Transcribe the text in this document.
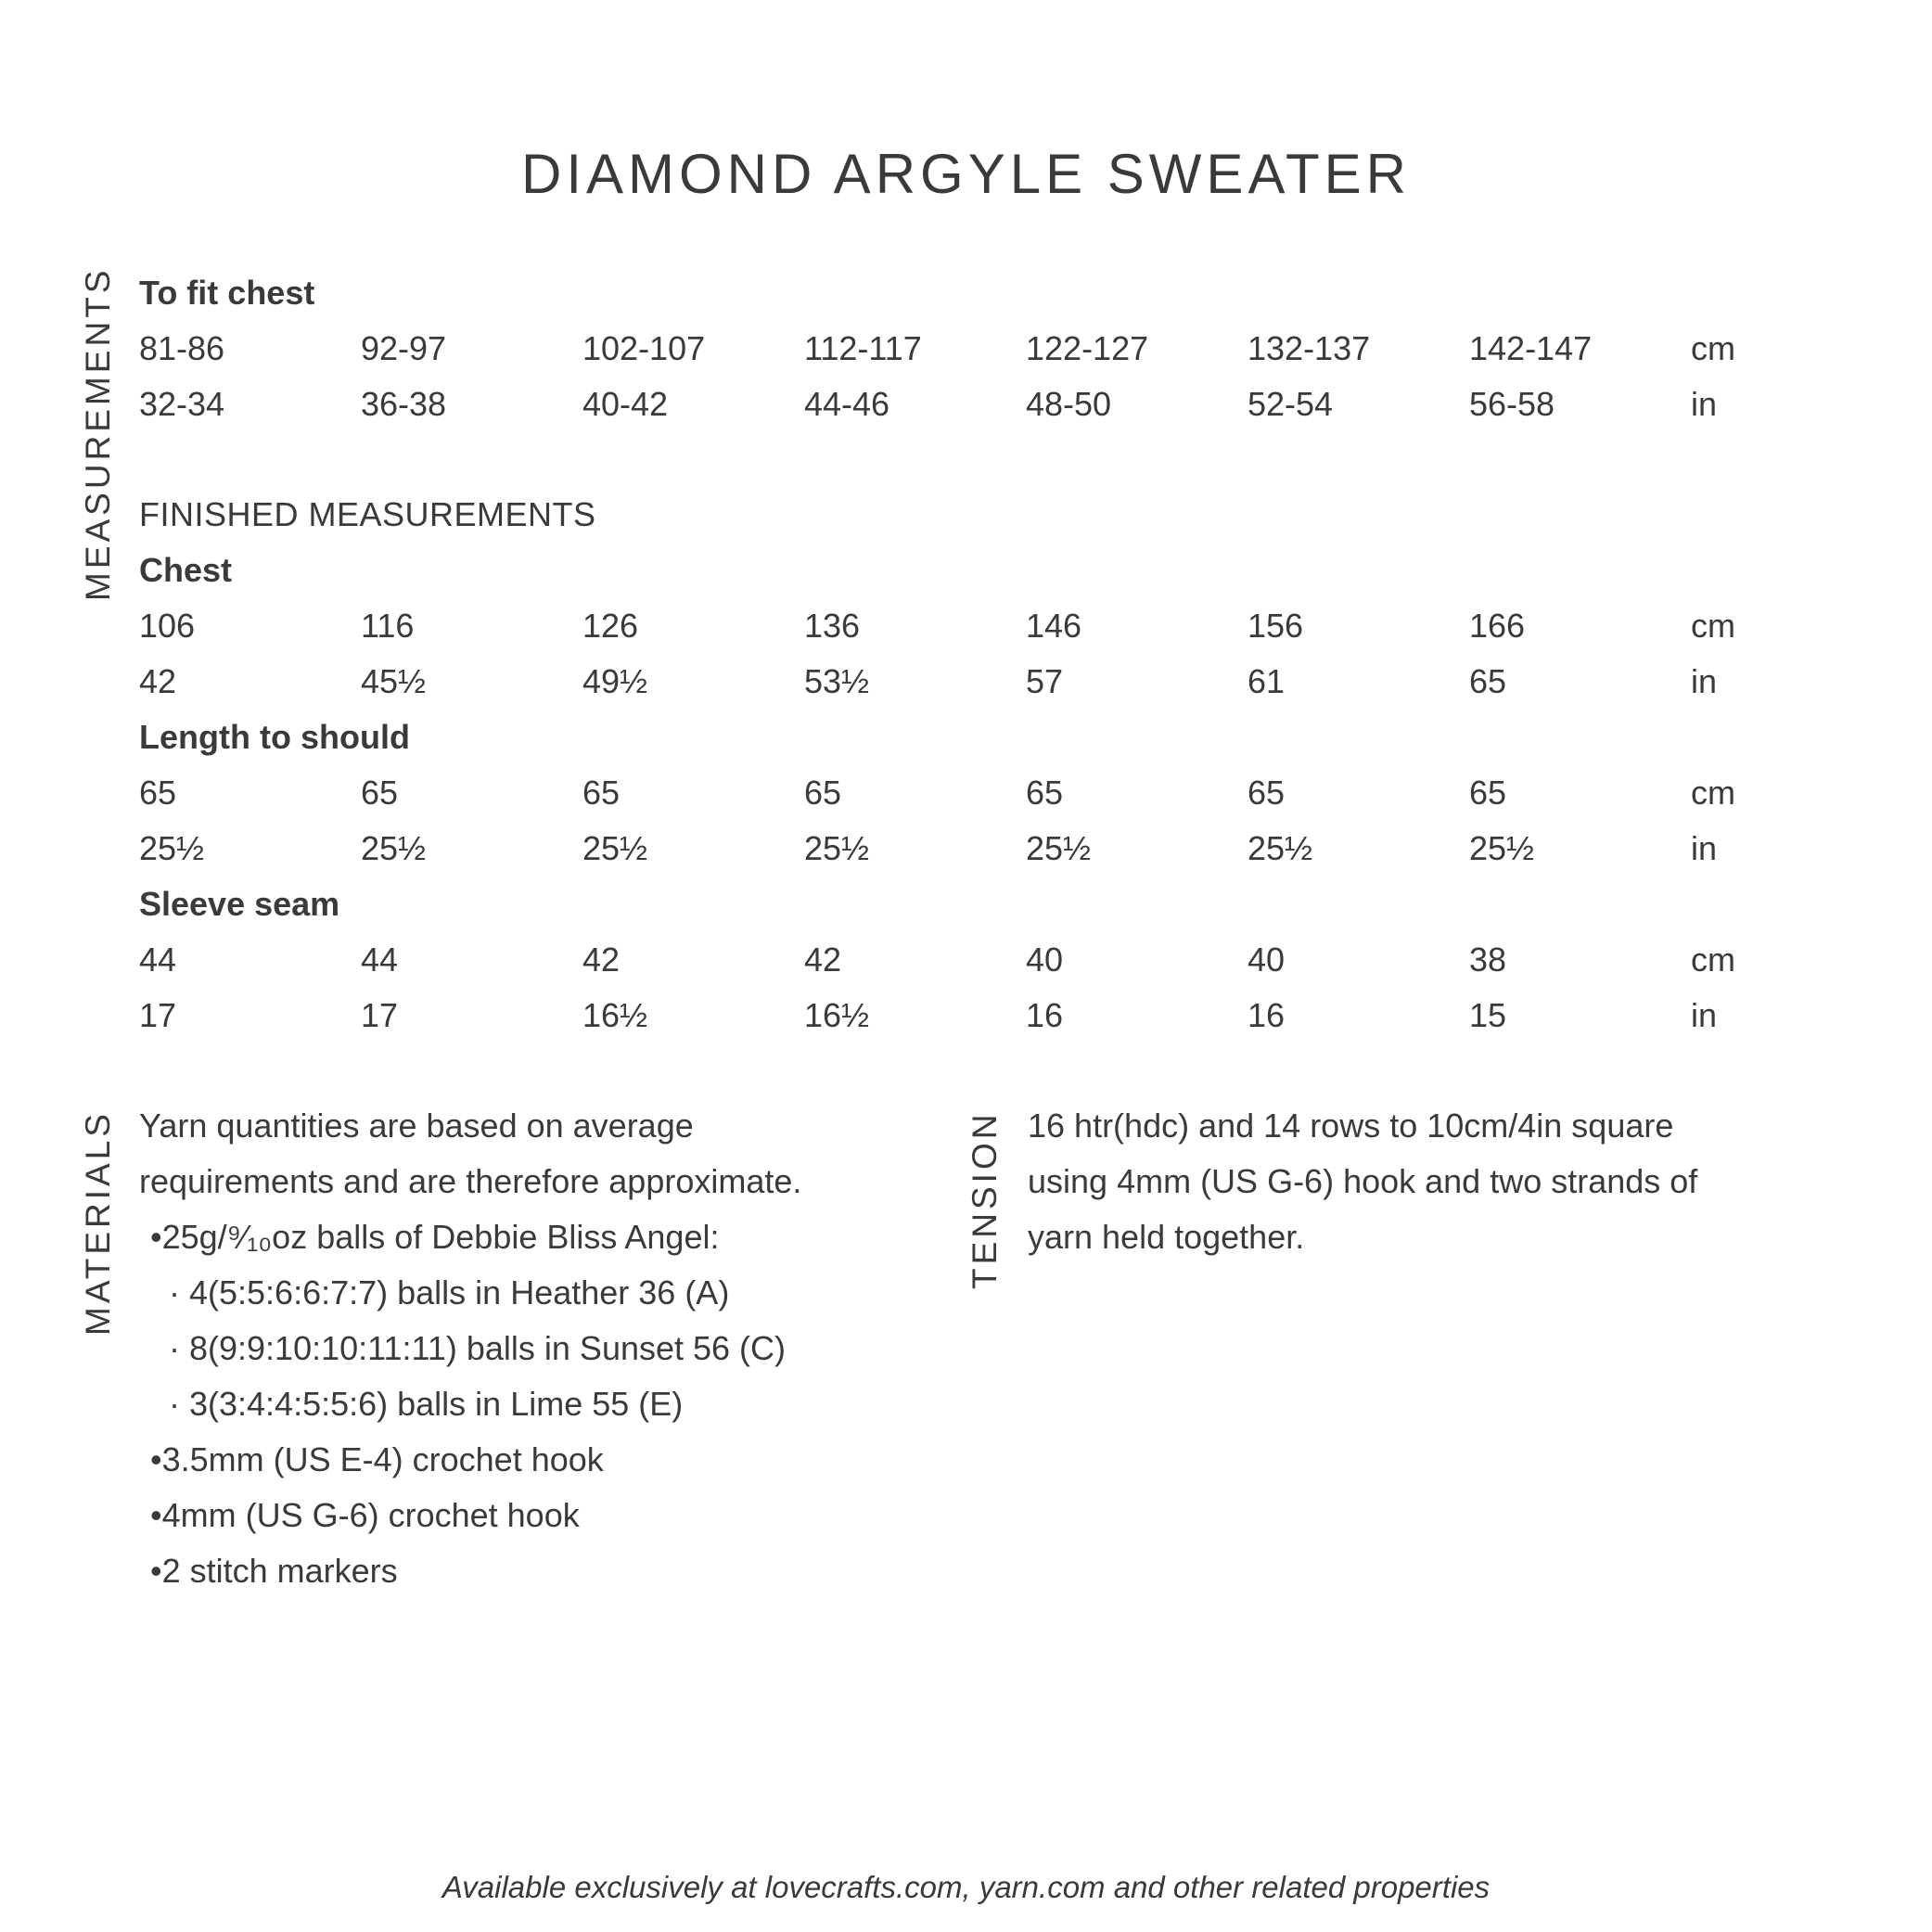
DIAMOND ARGYLE SWEATER
MEASUREMENTS
MATERIALS	TENSION
To fit chest
81-86	92-97	102-107	112-117	122-127	132-137	142-147	cm
32-34	36-38	40-42	44-46	48-50	52-54	56-58	in
FINISHED MEASUREMENTS
Chest
106	116	126	136	146	156	166	cm
42	45½	49½	53½	57	61	65	in
Length to should
65	65	65	65	65	65	65	cm
25½	25½	25½	25½	25½	25½	25½	in
Sleeve seam
44	44	42	42	40	40	38	cm
17	17	16½	16½	16	16	15	in
Yarn quantities are based on average
requirements and are therefore approximate.
•25g/⁹⁄₁₀oz balls of Debbie Bliss Angel:
· 4(5:5:6:6:7:7) balls in Heather 36 (A)
· 8(9:9:10:10:11:11) balls in Sunset 56 (C)
· 3(3:4:4:5:5:6) balls in Lime 55 (E)
•3.5mm (US E-4) crochet hook
•4mm (US G-6) crochet hook
•2 stitch markers
16 htr(hdc) and 14 rows to 10cm/4in square
using 4mm (US G-6) hook and two strands of
yarn held together.
Available exclusively at lovecrafts.com, yarn.com and other related properties
